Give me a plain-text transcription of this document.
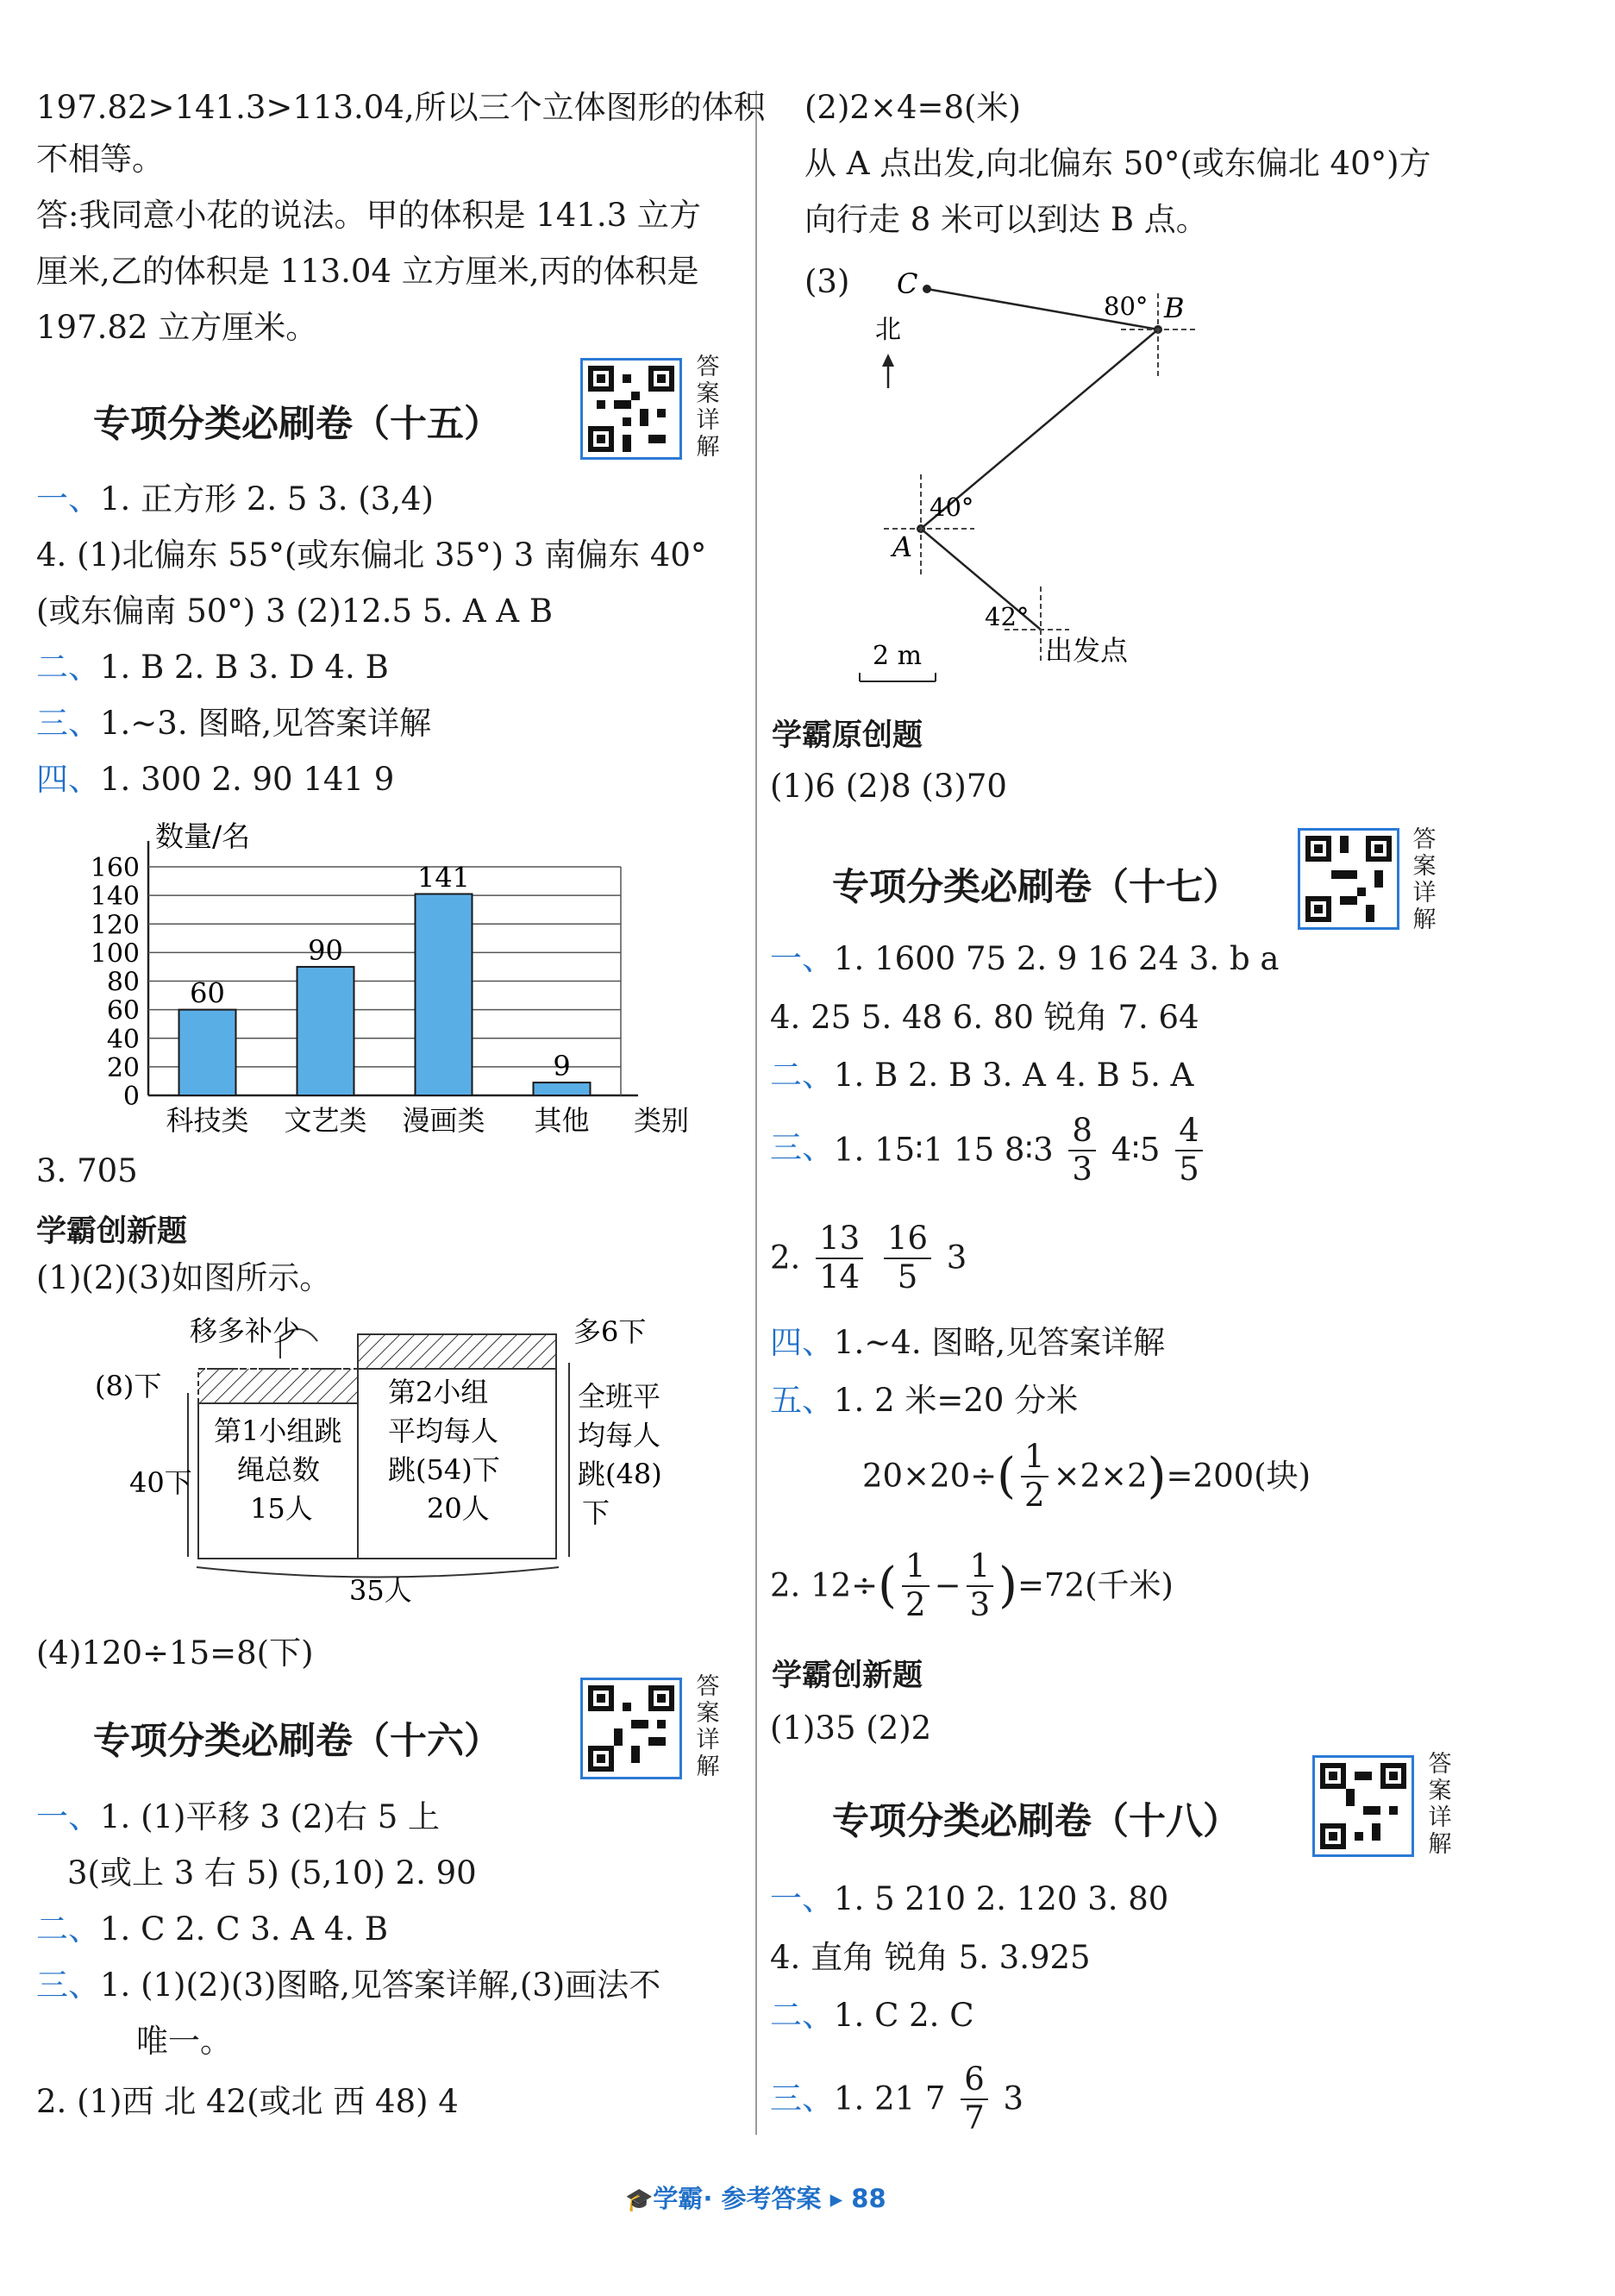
197.82>141.3>113.04,所以三个立体图形的体积
不相等。
答:我同意小花的说法。甲的体积是 141.3 立方
厘米,乙的体积是 113.04 立方厘米,丙的体积是
197.82 立方厘米。
专项分类必刷卷（十五）
答案详解
一、1. 正方形 2. 5 3. (3,4)
4. (1)北偏东 55°(或东偏北 35°) 3 南偏东 40°
(或东偏南 50°) 3 (2)12.5 5. A A B
二、1. B 2. B 3. D 4. B
三、1.~3. 图略,见答案详解
四、1. 300 2. 90 141 9
数量/名
160
140
120
100
80
60
40
20
0
60
科技类
90
文艺类
141
漫画类
9
其他 类别
3. 705
学霸创新题
(1)(2)(3)如图所示。
移多补少	多6下
(8)下
40下
第1小组跳
绳总数
15人
第2小组
平均每人
跳(54)下
20人
全班平
均每人
跳(48)
下
35人
(4)120÷15=8(下)
专项分类必刷卷（十六）
答案详解
一、1. (1)平移 3 (2)右 5 上
3(或上 3 右 5) (5,10) 2. 90
二、1. C 2. C 3. A 4. B
三、1. (1)(2)(3)图略,见答案详解,(3)画法不
唯一。
2. (1)西 北 42(或北 西 48) 4
(2)2×4=8(米)
从 A 点出发,向北偏东 50°(或东偏北 40°)方
向行走 8 米可以到达 B 点。
(3) C
B
A
北
80°
40°
42°
出发点
2 m
学霸原创题
(1)6 (2)8 (3)70
专项分类必刷卷（十七）
答案详解
一、1. 1600 75 2. 9 16 24 3. b a
4. 25 5. 48 6. 80 锐角 7. 64
二、1. B 2. B 3. A 4. B 5. A
三、1. 15∶1 15 8∶3 $\frac{8}{3}$ 4∶5 $\frac{4}{5}$
2. $\frac{13}{14}$
$\frac{16}{5} 3$
四、1.~4. 图略,见答案详解
五、1. 2 米=20 分米
$20\times 20\div( \frac{1}{2} \times 2\times 2)=200$(块)
2. $12\div( \frac{1}{2} - \frac{1}{3} )=72$(千米)
学霸创新题
(1)35 (2)2
专项分类必刷卷（十八）
答案详解
一、1. 5 210 2. 120 3. 80
4. 直角 锐角 5. 3.925
二、1. C 2. C
三、1. 21 $7 \frac{6}{7} 3$
🎓学霸· 参考答案 ▸ 88
